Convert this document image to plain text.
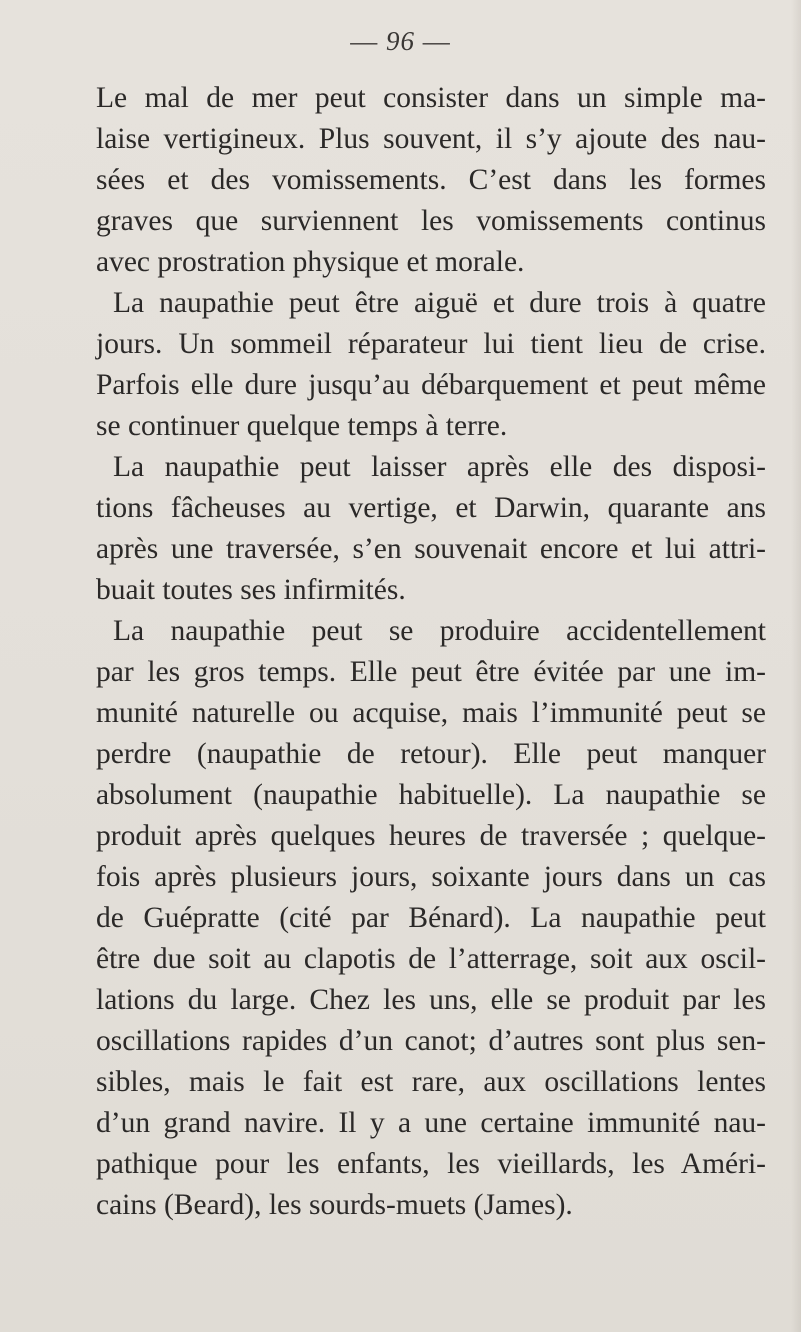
— 96 —
Le mal de mer peut consister dans un simple ma-
laise vertigineux. Plus souvent, il s’y ajoute des nau-
sées et des vomissements. C’est dans les formes
graves que surviennent les vomissements continus
avec prostration physique et morale.
La naupathie peut être aiguë et dure trois à quatre
jours. Un sommeil réparateur lui tient lieu de crise.
Parfois elle dure jusqu’au débarquement et peut même
se continuer quelque temps à terre.
La naupathie peut laisser après elle des disposi-
tions fâcheuses au vertige, et Darwin, quarante ans
après une traversée, s’en souvenait encore et lui attri-
buait toutes ses infirmités.
La naupathie peut se produire accidentellement
par les gros temps. Elle peut être évitée par une im-
munité naturelle ou acquise, mais l’immunité peut se
perdre (naupathie de retour). Elle peut manquer
absolument (naupathie habituelle). La naupathie se
produit après quelques heures de traversée ; quelque-
fois après plusieurs jours, soixante jours dans un cas
de Guépratte (cité par Bénard). La naupathie peut
être due soit au clapotis de l’atterrage, soit aux oscil-
lations du large. Chez les uns, elle se produit par les
oscillations rapides d’un canot; d’autres sont plus sen-
sibles, mais le fait est rare, aux oscillations lentes
d’un grand navire. Il y a une certaine immunité nau-
pathique pour les enfants, les vieillards, les Améri-
cains (Beard), les sourds-muets (James).
